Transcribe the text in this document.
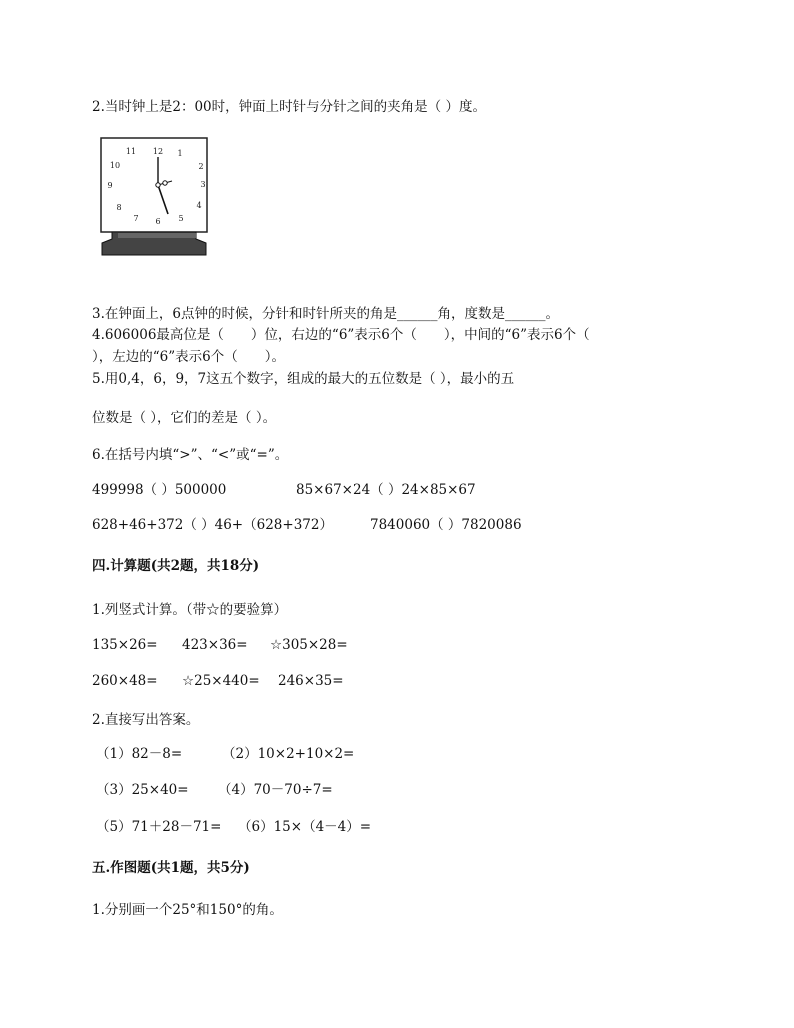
2.当时钟上是2：00时，钟面上时针与分针之间的夹角是（ ）度。
12 1
2
3
4
5
6
7
8
9
10
11
3.在钟面上，6点钟的时候，分针和时针所夹的角是______角，度数是______。
4.606006最高位是（　　）位，右边的“6”表示6个（　　），中间的“6”表示6个（
），左边的“6”表示6个（　　）。
5.用0,4，6，9，7这五个数字，组成的最大的五位数是（ ），最小的五
位数是（ ），它们的差是（ ）。
6.在括号内填“>”、“<”或“=”。
499998（ ）500000	85×67×24（ ）24×85×67
628+46+372（ ）46+（628+372）	7840060（ ）7820086
四.计算题(共2题，共18分)
1.列竖式计算。（带☆的要验算）
135×26= 423×36= ☆305×28=
260×48= ☆25×440= 246×35=
2.直接写出答案。
（1）82－8=	（2）10×2+10×2=
（3）25×40= （4）70－70÷7=
（5）71＋28－71= （6）15×（4－4）=
五.作图题(共1题，共5分)
1.分别画一个25°和150°的角。
